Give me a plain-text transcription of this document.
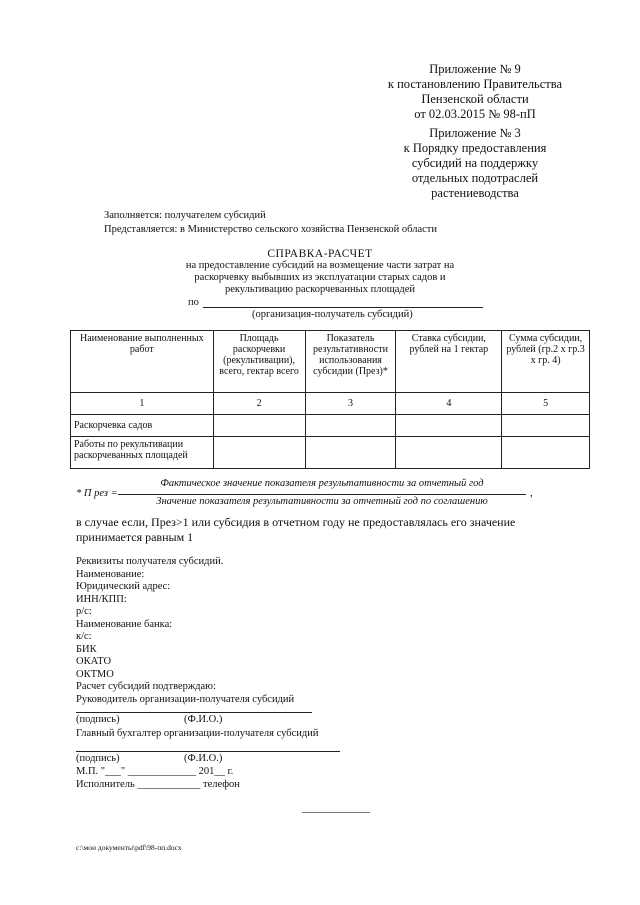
Приложение № 9
к постановлению Правительства
Пензенской области
от 02.03.2015 № 98-пП
Приложение № 3
к Порядку предоставления
субсидий на поддержку
отдельных подотраслей
растениеводства
Заполняется: получателем субсидий
Представляется: в Министерство сельского хозяйства Пензенской области
СПРАВКА-РАСЧЕТ
на предоставление субсидий на возмещение части затрат на
раскорчевку выбывших из эксплуатации старых садов и
рекультивацию раскорчеванных площадей
по
(организация-получатель субсидий)
Наименование выполненных работ	Площадь раскорчевки (рекультивации), всего, гектар всего	Показатель результативности использования субсидии (През)*	Ставка субсидии, рублей на 1 гектар	Сумма субсидии, рублей (гр.2 х гр.3 х гр. 4)
1	2	3	4	5
Раскорчевка садов				
Работы по рекультивации раскорчеванных площадей				
* П рез =
Фактическое значение показателя результативности за отчетный год
Значение показателя результативности за отчетный год по соглашению
,
в случае если, През>1 или субсидия в отчетном году не предоставлялась его значение
принимается равным 1
Реквизиты получателя субсидий.
Наименование:
Юридический адрес:
ИНН/КПП:
р/с:
Наименование банка:
к/с:
БИК
ОКАТО
ОКТМО
Расчет субсидий подтверждаю:
Руководитель организации-получателя субсидий
(подпись)	(Ф.И.О.)
Главный бухгалтер организации-получателя субсидий
(подпись)	(Ф.И.О.)
М.П. "___" _____________ 201__ г.
Исполнитель ____________ телефон
c:\мои документы\pdf\98-пп.docx
